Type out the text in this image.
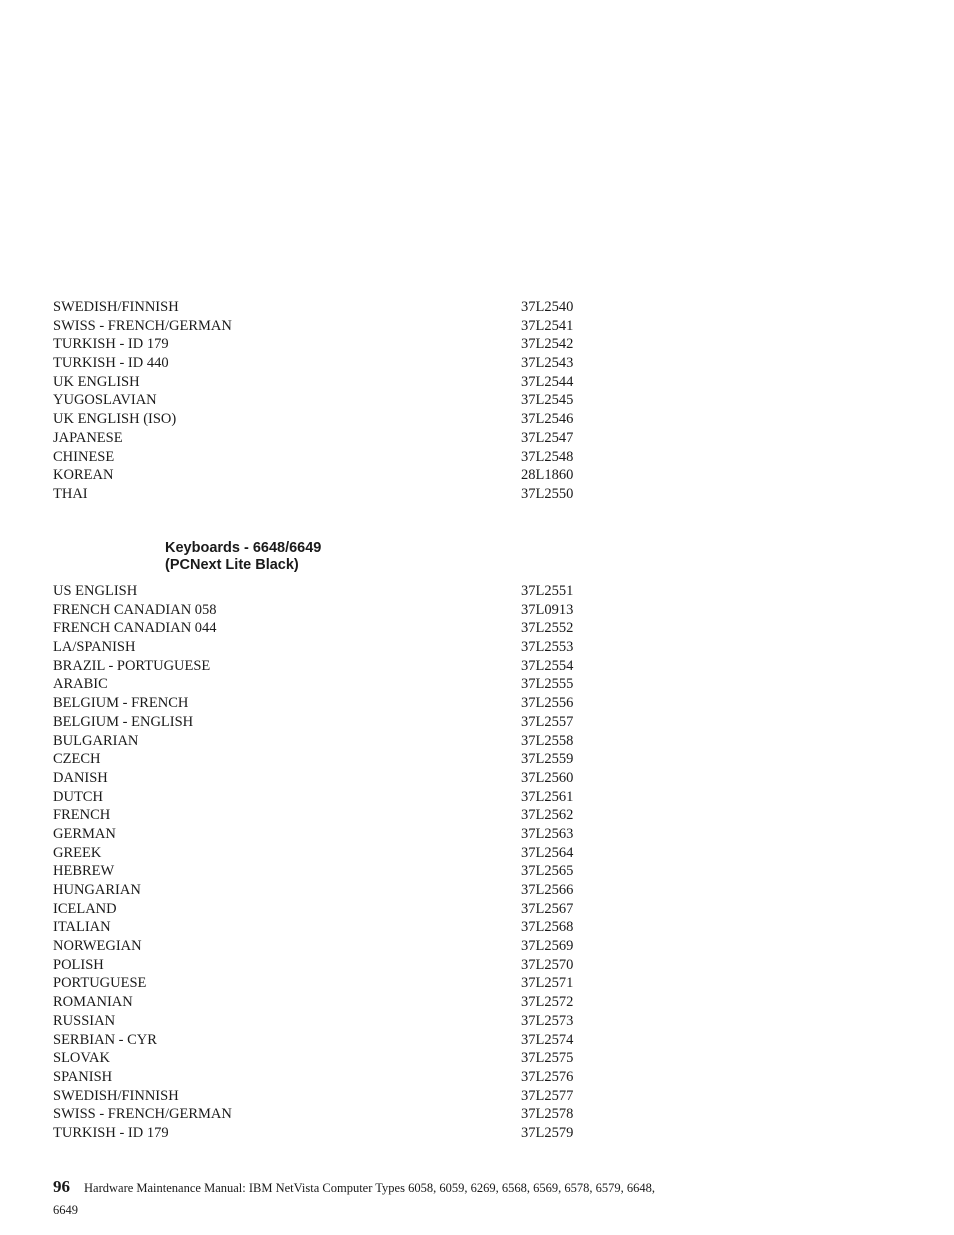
SWEDISH/FINNISH	37L2540
SWISS - FRENCH/GERMAN	37L2541
TURKISH - ID 179	37L2542
TURKISH - ID 440	37L2543
UK ENGLISH	37L2544
YUGOSLAVIAN	37L2545
UK ENGLISH (ISO)	37L2546
JAPANESE	37L2547
CHINESE	37L2548
KOREAN	28L1860
THAI	37L2550
Keyboards - 6648/6649
(PCNext Lite Black)
US ENGLISH	37L2551
FRENCH CANADIAN 058	37L0913
FRENCH CANADIAN 044	37L2552
LA/SPANISH	37L2553
BRAZIL - PORTUGUESE	37L2554
ARABIC	37L2555
BELGIUM - FRENCH	37L2556
BELGIUM - ENGLISH	37L2557
BULGARIAN	37L2558
CZECH	37L2559
DANISH	37L2560
DUTCH	37L2561
FRENCH	37L2562
GERMAN	37L2563
GREEK	37L2564
HEBREW	37L2565
HUNGARIAN	37L2566
ICELAND	37L2567
ITALIAN	37L2568
NORWEGIAN	37L2569
POLISH	37L2570
PORTUGUESE	37L2571
ROMANIAN	37L2572
RUSSIAN	37L2573
SERBIAN - CYR	37L2574
SLOVAK	37L2575
SPANISH	37L2576
SWEDISH/FINNISH	37L2577
SWISS - FRENCH/GERMAN	37L2578
TURKISH - ID 179	37L2579
96 Hardware Maintenance Manual: IBM NetVista Computer Types 6058, 6059, 6269, 6568, 6569, 6578, 6579, 6648,
6649
